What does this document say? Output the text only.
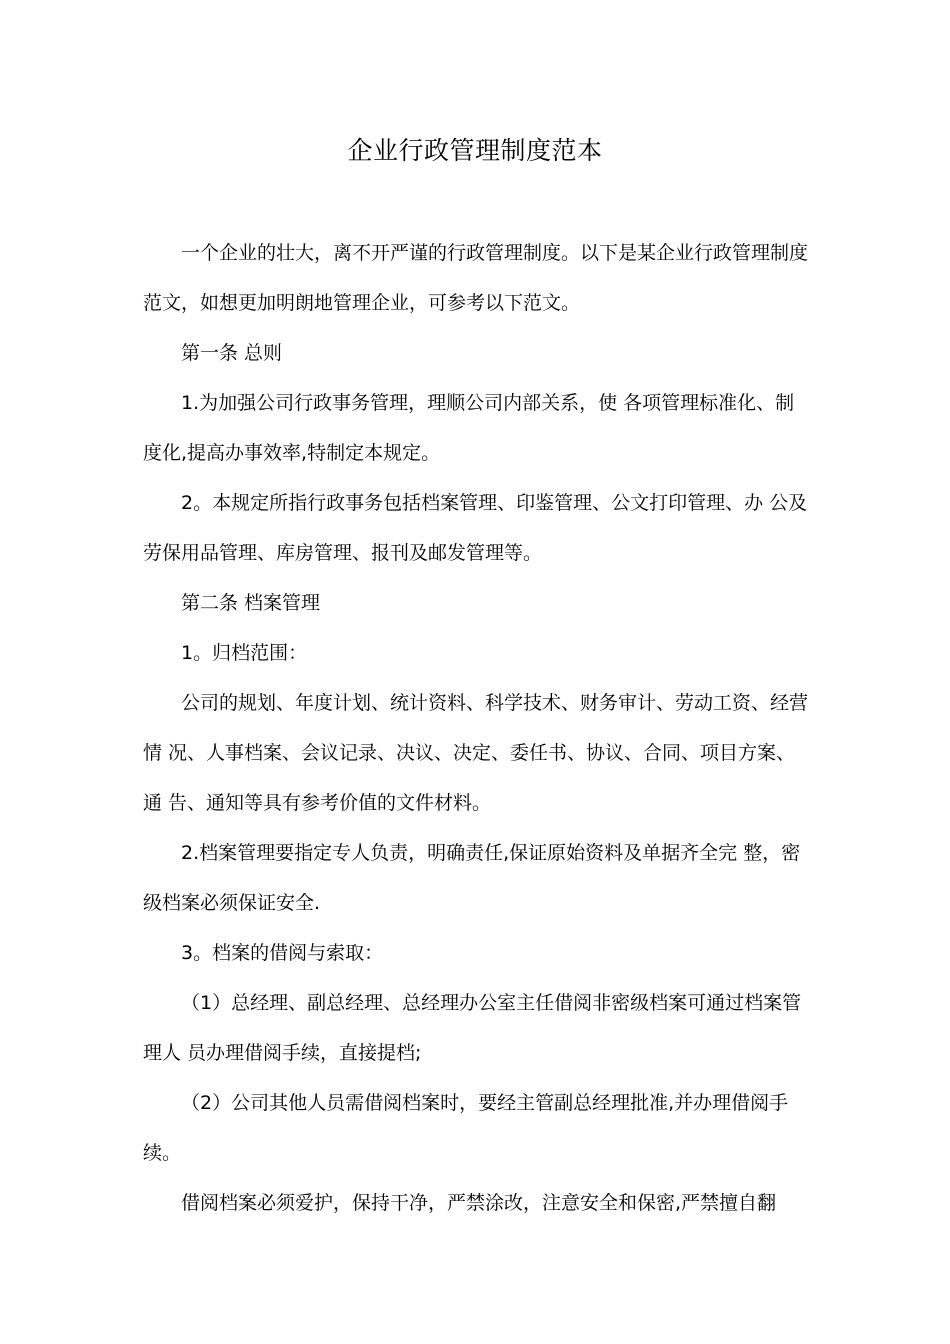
企业行政管理制度范本

一个企业的壮大，离不开严谨的行政管理制度。以下是某企业行政管理制度范文，如想更加明朗地管理企业，可参考以下范文。

第一条 总则

1.为加强公司行政事务管理，理顺公司内部关系，使 各项管理标准化、制度化,提高办事效率,特制定本规定。

2。本规定所指行政事务包括档案管理、印鉴管理、公文打印管理、办 公及劳保用品管理、库房管理、报刊及邮发管理等。

第二条 档案管理

1。归档范围：

公司的规划、年度计划、统计资料、科学技术、财务审计、劳动工资、经营情 况、人事档案、会议记录、决议、决定、委任书、协议、合同、项目方案、通 告、通知等具有参考价值的文件材料。

2.档案管理要指定专人负责，明确责任,保证原始资料及单据齐全完 整，密级档案必须保证安全.

3。档案的借阅与索取：

（1）总经理、副总经理、总经理办公室主任借阅非密级档案可通过档案管理人 员办理借阅手续，直接提档;

（2）公司其他人员需借阅档案时，要经主管副总经理批准,并办理借阅手续。

借阅档案必须爱护，保持干净，严禁涂改，注意安全和保密,严禁擅自翻
